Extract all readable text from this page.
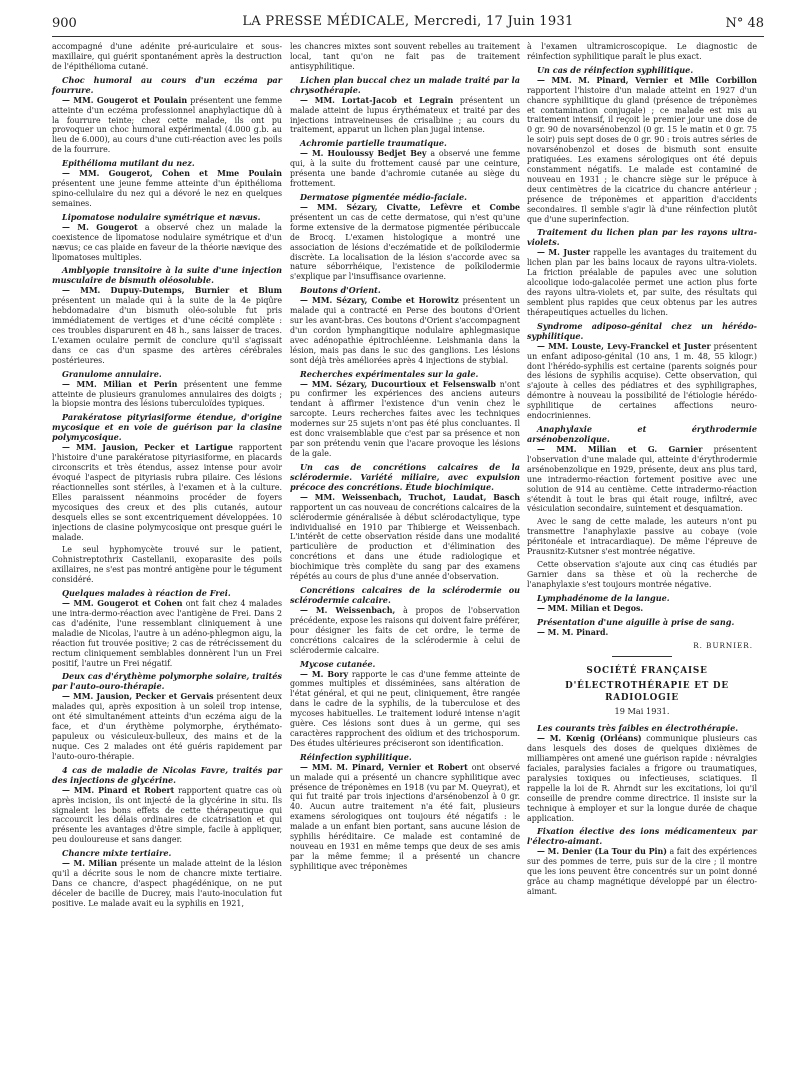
900	LA PRESSE MÉDICALE, Mercredi, 17 Juin 1931	N° 48

accompagné d'une adénite pré-auriculaire et sous-maxillaire, qui guérit spontanément après la destruction de l'épithélioma cutané.

Choc humoral au cours d'un eczéma par fourrure.

— MM. Gougerot et Poulain présentent une femme atteinte d'un eczéma professionnel anaphylactique dû à la fourrure teinte; chez cette malade, ils ont pu provoquer un choc humoral expérimental (4.000 g.b. au lieu de 6.000), au cours d'une cuti-réaction avec les poils de la fourrure.

Epithélioma mutilant du nez.

— MM. Gougerot, Cohen et Mme Poulain présentent une jeune femme atteinte d'un épithélioma spino-cellulaire du nez qui a dévoré le nez en quelques semaines.

Lipomatose nodulaire symétrique et nævus.

— M. Gougerot a observé chez un malade la coexistence de lipomatose nodulaire symétrique et d'un nævus; ce cas plaide en faveur de la théorie nævique des lipomatoses multiples.

Amblyopie transitoire à la suite d'une injection musculaire de bismuth oléosoluble.

— MM. Dupuy-Dutemps, Burnier et Blum présentent un malade qui à la suite de la 4e piqûre hebdomadaire d'un bismuth oléo-soluble fut pris immédiatement de vertiges et d'une cécité complète : ces troubles disparurent en 48 h., sans laisser de traces. L'examen oculaire permit de conclure qu'il s'agissait dans ce cas d'un spasme des artères cérébrales postérieures.

Granulome annulaire.

— MM. Milian et Perin présentent une femme atteinte de plusieurs granulomes annulaires des doigts ; la biopsie montra des lésions tuberculoïdes typiques.

Parakératose pityriasiforme étendue, d'origine mycosique et en voie de guérison par la clasine polymycosique.

— MM. Jausion, Pecker et Lartigue rapportent l'histoire d'une parakératose pityriasiforme, en placards circonscrits et très étendus, assez intense pour avoir évoqué l'aspect de pityriasis rubra pilaire. Ces lésions réactionnelles sont stériles, à l'examen et à la culture. Elles paraissent néanmoins procéder de foyers mycosiques des creux et des plis cutanés, autour desquels elles se sont excentriquement développées. 10 injections de clasine polymycosique ont presque guéri le malade.

Le seul hyphomycète trouvé sur le patient, Cohnistreptothrix Castellanii, exoparasite des poils axillaires, ne s'est pas montré antigène pour le tégument considéré.

Quelques malades à réaction de Frei.

— MM. Gougerot et Cohen ont fait chez 4 malades une intra-dermo-réaction avec l'antigène de Frei. Dans 2 cas d'adénite, l'une ressemblant cliniquement à une maladie de Nicolas, l'autre à un adéno-phlegmon aigu, la réaction fut trouvée positive; 2 cas de rétrécissement du rectum cliniquement semblables donnèrent l'un un Frei positif, l'autre un Frei négatif.

Deux cas d'érythème polymorphe solaire, traités par l'auto-ouro-thérapie.

— MM. Jausion, Pecker et Gervais présentent deux malades qui, après exposition à un soleil trop intense, ont été simultanément atteints d'un eczéma aigu de la face, et d'un érythème polymorphe, érythémato-papuleux ou vésiculeux-bulleux, des mains et de la nuque. Ces 2 malades ont été guéris rapidement par l'auto-ouro-thérapie.

4 cas de maladie de Nicolas Favre, traités par des injections de glycérine.

— MM. Pinard et Robert rapportent quatre cas où après incision, ils ont injecté de la glycérine in situ. Ils signalent les bons effets de cette thérapeutique qui raccourcit les délais ordinaires de cicatrisation et qui présente les avantages d'être simple, facile à appliquer, peu douloureuse et sans danger.

Chancre mixte tertiaire.

— M. Milian présente un malade atteint de la lésion qu'il a décrite sous le nom de chancre mixte tertiaire. Dans ce chancre, d'aspect phagédénique, on ne put déceler de bacille de Ducrey, mais l'auto-inoculation fut positive. Le malade avait eu la syphilis en 1921,

les chancres mixtes sont souvent rebelles au traitement local, tant qu'on ne fait pas de traitement antisyphilitique.

Lichen plan buccal chez un malade traité par la chrysothérapie.

— MM. Lortat-Jacob et Legrain présentent un malade atteint de lupus érythémateux et traité par des injections intraveineuses de crisalbine ; au cours du traitement, apparut un lichen plan jugal intense.

Achromie partielle traumatique.

— M. Houloussy Bedjet Bey a observé une femme qui, à la suite du frottement causé par une ceinture, présenta une bande d'achromie cutanée au siège du frottement.

Dermatose pigmentée médio-faciale.

— MM. Sézary, Civatte, Lefèvre et Combe présentent un cas de cette dermatose, qui n'est qu'une forme extensive de la dermatose pigmentée péribuccale de Brocq. L'examen histologique a montré une association de lésions d'eczématide et de poïkilodermie discrète. La localisation de la lésion s'accorde avec sa nature séborrhéique, l'existence de poïkilodermie s'explique par l'insuffisance ovarienne.

Boutons d'Orient.

— MM. Sézary, Combe et Horowitz présentent un malade qui a contracté en Perse des boutons d'Orient sur les avant-bras. Ces boutons d'Orient s'accompagnent d'un cordon lymphangitique nodulaire aphlegmasique avec adénopathie épitrochléenne. Leishmania dans la lésion, mais pas dans le suc des ganglions. Les lésions sont déjà très améliorées après 4 injections de stybial.

Recherches expérimentales sur la gale.

— MM. Sézary, Ducourtioux et Felsenswalb n'ont pu confirmer les expériences des anciens auteurs tendant à affirmer l'existence d'un venin chez le sarcopte. Leurs recherches faites avec les techniques modernes sur 25 sujets n'ont pas été plus concluantes. Il est donc vraisemblable que c'est par sa présence et non par son prétendu venin que l'acare provoque les lésions de la gale.

Un cas de concrétions calcaires de la sclérodermie. Variété miliaire, avec expulsion précoce des concrétions. Étude biochimique.

— MM. Weissenbach, Truchot, Laudat, Basch rapportent un cas nouveau de concrétions calcaires de la sclérodermie généralisée à début sclérodactylique, type individualisé en 1910 par Thibierge et Weissenbach. L'intérêt de cette observation réside dans une modalité particulière de production et d'élimination des concrétions et dans une étude radiologique et biochimique très complète du sang par des examens répétés au cours de plus d'une année d'observation.

Concrétions calcaires de la sclérodermie ou sclérodermie calcaire.

— M. Weissenbach, à propos de l'observation précédente, expose les raisons qui doivent faire préférer, pour désigner les faits de cet ordre, le terme de concrétions calcaires de la sclérodermie à celui de sclérodermie calcaire.

Mycose cutanée.

— M. Bory rapporte le cas d'une femme atteinte de gommes multiples et disséminées, sans altération de l'état général, et qui ne peut, cliniquement, être rangée dans le cadre de la syphilis, de la tuberculose et des mycoses habituelles. Le traitement ioduré intense n'agit guère. Ces lésions sont dues à un germe, qui ses caractères rapprochent des oïdium et des trichosporum. Des études ultérieures préciseront son identification.

Réinfection syphilitique.

— MM. M. Pinard, Vernier et Robert ont observé un malade qui a présenté un chancre syphilitique avec présence de tréponèmes en 1918 (vu par M. Queyrat), et qui fut traité par trois injections d'arsénobenzol à 0 gr. 40. Aucun autre traitement n'a été fait, plusieurs examens sérologiques ont toujours été négatifs : le malade a un enfant bien portant, sans aucune lésion de syphilis héréditaire. Ce malade est contaminé de nouveau en 1931 en même temps que deux de ses amis par la même femme; il a présenté un chancre syphilitique avec tréponèmes

à l'examen ultramicroscopique. Le diagnostic de réinfection syphilitique paraît le plus exact.

Un cas de réinfection syphilitique.

— MM. M. Pinard, Vernier et Mlle Corbillon rapportent l'histoire d'un malade atteint en 1927 d'un chancre syphilitique du gland (présence de tréponèmes et contamination conjugale) ; ce malade est mis au traitement intensif, il reçoit le premier jour une dose de 0 gr. 90 de novarsénobenzol (0 gr. 15 le matin et 0 gr. 75 le soir) puis sept doses de 0 gr. 90 : trois autres séries de novarsénobenzol et doses de bismuth sont ensuite pratiquées. Les examens sérologiques ont été depuis constamment négatifs. Le malade est contaminé de nouveau en 1931 ; le chancre siège sur le prépuce à deux centimètres de la cicatrice du chancre antérieur ; présence de tréponèmes et apparition d'accidents secondaires. Il semble s'agir là d'une réinfection plutôt que d'une superinfection.

Traitement du lichen plan par les rayons ultra-violets.

— M. Juster rappelle les avantages du traitement du lichen plan par les bains locaux de rayons ultra-violets. La friction préalable de papules avec une solution alcoolique iodo-galacolée permet une action plus forte des rayons ultra-violets et, par suite, des résultats qui semblent plus rapides que ceux obtenus par les autres thérapeutiques actuelles du lichen.

Syndrome adiposo-génital chez un hérédo-syphilitique.

— MM. Louste, Levy-Franckel et Juster présentent un enfant adiposo-génital (10 ans, 1 m. 48, 55 kilogr.) dont l'hérédo-syphilis est certaine (parents soignés pour des lésions de syphilis acquise). Cette observation, qui s'ajoute à celles des pédiatres et des syphiligraphes, démontre à nouveau la possibilité de l'étiologie hérédo-syphilitique de certaines affections neuro-endocriniennes.

Anaphylaxie et érythrodermie arsénobenzolique.

— MM. Milian et G. Garnier présentent l'observation d'une malade qui, atteinte d'érythrodermie arsénobenzolique en 1929, présente, deux ans plus tard, une intradermo-réaction fortement positive avec une solution de 914 au centième. Cette intradermo-réaction s'étendit à tout le bras qui était rouge, infiltré, avec vésiculation secondaire, suintement et desquamation.

Avec le sang de cette malade, les auteurs n'ont pu transmettre l'anaphylaxie passive au cobaye (voie péritonéale et intracardiaque). De même l'épreuve de Prausnitz-Kutsner s'est montrée négative.

Cette observation s'ajoute aux cinq cas étudiés par Garnier dans sa thèse et où la recherche de l'anaphylaxie s'est toujours montrée négative.

Lymphadénome de la langue.

— MM. Milian et Degos.

Présentation d'une aiguille à prise de sang.

— M. M. Pinard.

R. BURNIER.

SOCIÉTÉ FRANÇAISE

D'ÉLECTROTHÉRAPIE ET DE RADIOLOGIE

19 Mai 1931.
Les courants très faibles en électrothérapie.

— M. Kœnig (Orléans) communique plusieurs cas dans lesquels des doses de quelques dixièmes de milliampères ont amené une guérison rapide : névralgies faciales, paralysies faciales a frigore ou traumatiques, paralysies toxiques ou infectieuses, sciatiques. Il rappelle la loi de R. Ahrndt sur les excitations, loi qu'il conseille de prendre comme directrice. Il insiste sur la technique à employer et sur la longue durée de chaque application.

Fixation élective des ions médicamenteux par l'électro-aimant.

— M. Denier (La Tour du Pin) a fait des expériences sur des pommes de terre, puis sur de la cire ; il montre que les ions peuvent être concentrés sur un point donné grâce au champ magnétique développé par un électro-aimant.
